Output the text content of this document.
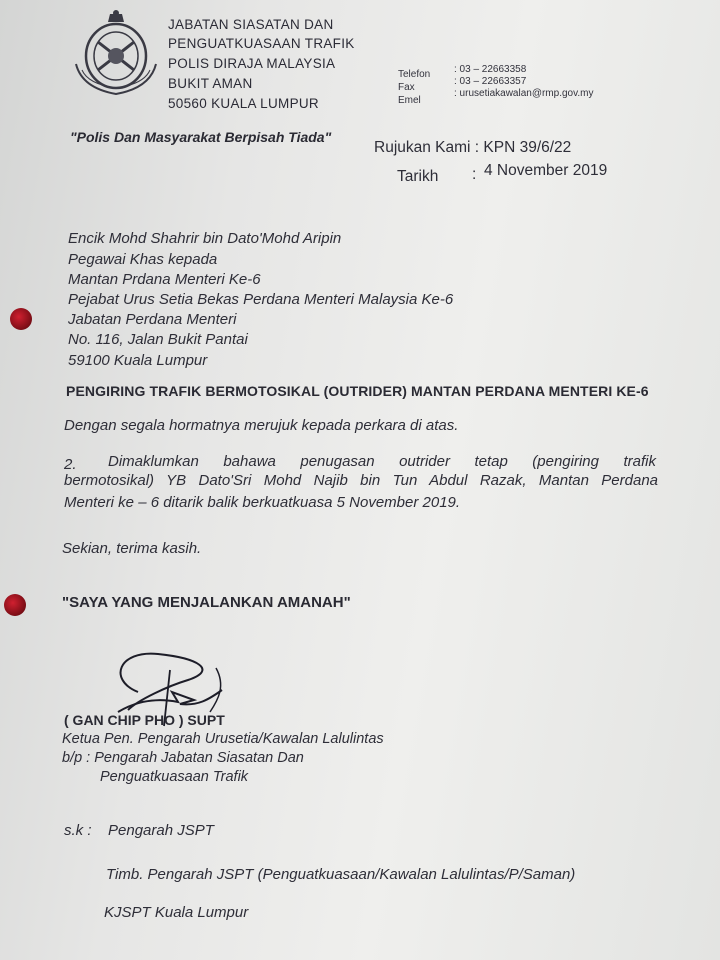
JABATAN SIASATAN DAN
PENGUATKUASAAN TRAFIK
POLIS DIRAJA MALAYSIA
BUKIT AMAN
50560 KUALA LUMPUR
Telefon
Fax
Emel
: 03 – 22663358
: 03 – 22663357
: urusetiakawalan@rmp.gov.my
"Polis Dan Masyarakat Berpisah Tiada"
Rujukan Kami : KPN 39/6/22
Tarikh : 4 November 2019
Encik Mohd Shahrir bin Dato'Mohd Aripin
Pegawai Khas kepada
Mantan Prdana Menteri Ke-6
Pejabat Urus Setia Bekas Perdana Menteri Malaysia Ke-6
Jabatan Perdana Menteri
No. 116, Jalan Bukit Pantai
59100 Kuala Lumpur
PENGIRING TRAFIK BERMOTOSIKAL (OUTRIDER) MANTAN PERDANA MENTERI KE-6
Dengan segala hormatnya merujuk kepada perkara di atas.
2. Dimaklumkan bahawa penugasan outrider tetap (pengiring trafik
bermotosikal) YB Dato'Sri Mohd Najib bin Tun Abdul Razak, Mantan Perdana
Menteri ke – 6 ditarik balik berkuatkuasa 5 November 2019.
Sekian, terima kasih.
"SAYA YANG MENJALANKAN AMANAH"
( GAN CHIP PHO ) SUPT
Ketua Pen. Pengarah Urusetia/Kawalan Lalulintas
b/p : Pengarah Jabatan Siasatan Dan
Penguatkuasaan Trafik
s.k : Pengarah JSPT
Timb. Pengarah JSPT (Penguatkuasaan/Kawalan Lalulintas/P/Saman)
KJSPT Kuala Lumpur
